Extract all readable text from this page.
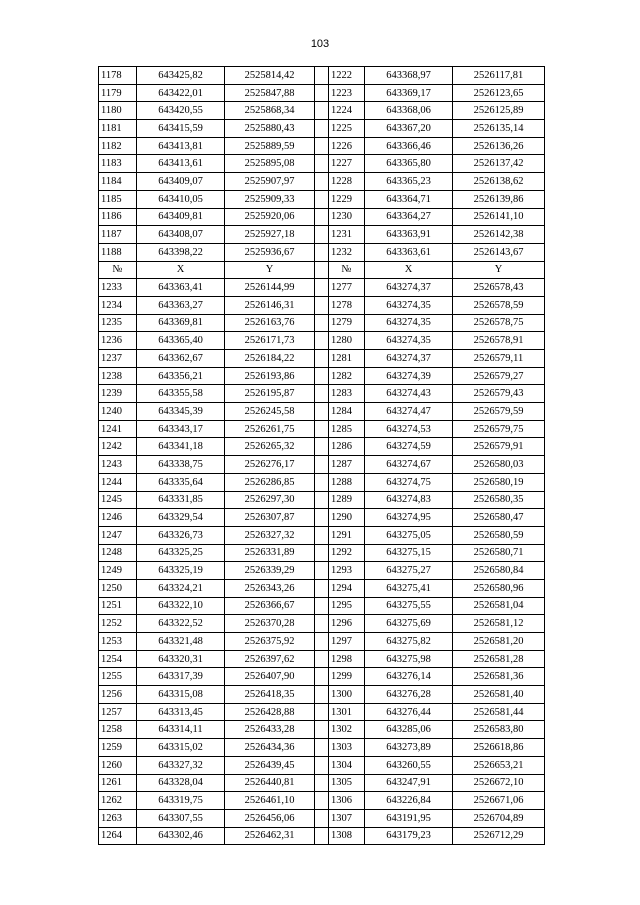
103
1178	643425,82	2525814,42		1222	643368,97	2526117,81
1179	643422,01	2525847,88		1223	643369,17	2526123,65
1180	643420,55	2525868,34		1224	643368,06	2526125,89
1181	643415,59	2525880,43		1225	643367,20	2526135,14
1182	643413,81	2525889,59		1226	643366,46	2526136,26
1183	643413,61	2525895,08		1227	643365,80	2526137,42
1184	643409,07	2525907,97		1228	643365,23	2526138,62
1185	643410,05	2525909,33		1229	643364,71	2526139,86
1186	643409,81	2525920,06		1230	643364,27	2526141,10
1187	643408,07	2525927,18		1231	643363,91	2526142,38
1188	643398,22	2525936,67		1232	643363,61	2526143,67
№	X	Y		№	X	Y
1233	643363,41	2526144,99		1277	643274,37	2526578,43
1234	643363,27	2526146,31		1278	643274,35	2526578,59
1235	643369,81	2526163,76		1279	643274,35	2526578,75
1236	643365,40	2526171,73		1280	643274,35	2526578,91
1237	643362,67	2526184,22		1281	643274,37	2526579,11
1238	643356,21	2526193,86		1282	643274,39	2526579,27
1239	643355,58	2526195,87		1283	643274,43	2526579,43
1240	643345,39	2526245,58		1284	643274,47	2526579,59
1241	643343,17	2526261,75		1285	643274,53	2526579,75
1242	643341,18	2526265,32		1286	643274,59	2526579,91
1243	643338,75	2526276,17		1287	643274,67	2526580,03
1244	643335,64	2526286,85		1288	643274,75	2526580,19
1245	643331,85	2526297,30		1289	643274,83	2526580,35
1246	643329,54	2526307,87		1290	643274,95	2526580,47
1247	643326,73	2526327,32		1291	643275,05	2526580,59
1248	643325,25	2526331,89		1292	643275,15	2526580,71
1249	643325,19	2526339,29		1293	643275,27	2526580,84
1250	643324,21	2526343,26		1294	643275,41	2526580,96
1251	643322,10	2526366,67		1295	643275,55	2526581,04
1252	643322,52	2526370,28		1296	643275,69	2526581,12
1253	643321,48	2526375,92		1297	643275,82	2526581,20
1254	643320,31	2526397,62		1298	643275,98	2526581,28
1255	643317,39	2526407,90		1299	643276,14	2526581,36
1256	643315,08	2526418,35		1300	643276,28	2526581,40
1257	643313,45	2526428,88		1301	643276,44	2526581,44
1258	643314,11	2526433,28		1302	643285,06	2526583,80
1259	643315,02	2526434,36		1303	643273,89	2526618,86
1260	643327,32	2526439,45		1304	643260,55	2526653,21
1261	643328,04	2526440,81		1305	643247,91	2526672,10
1262	643319,75	2526461,10		1306	643226,84	2526671,06
1263	643307,55	2526456,06		1307	643191,95	2526704,89
1264	643302,46	2526462,31		1308	643179,23	2526712,29
